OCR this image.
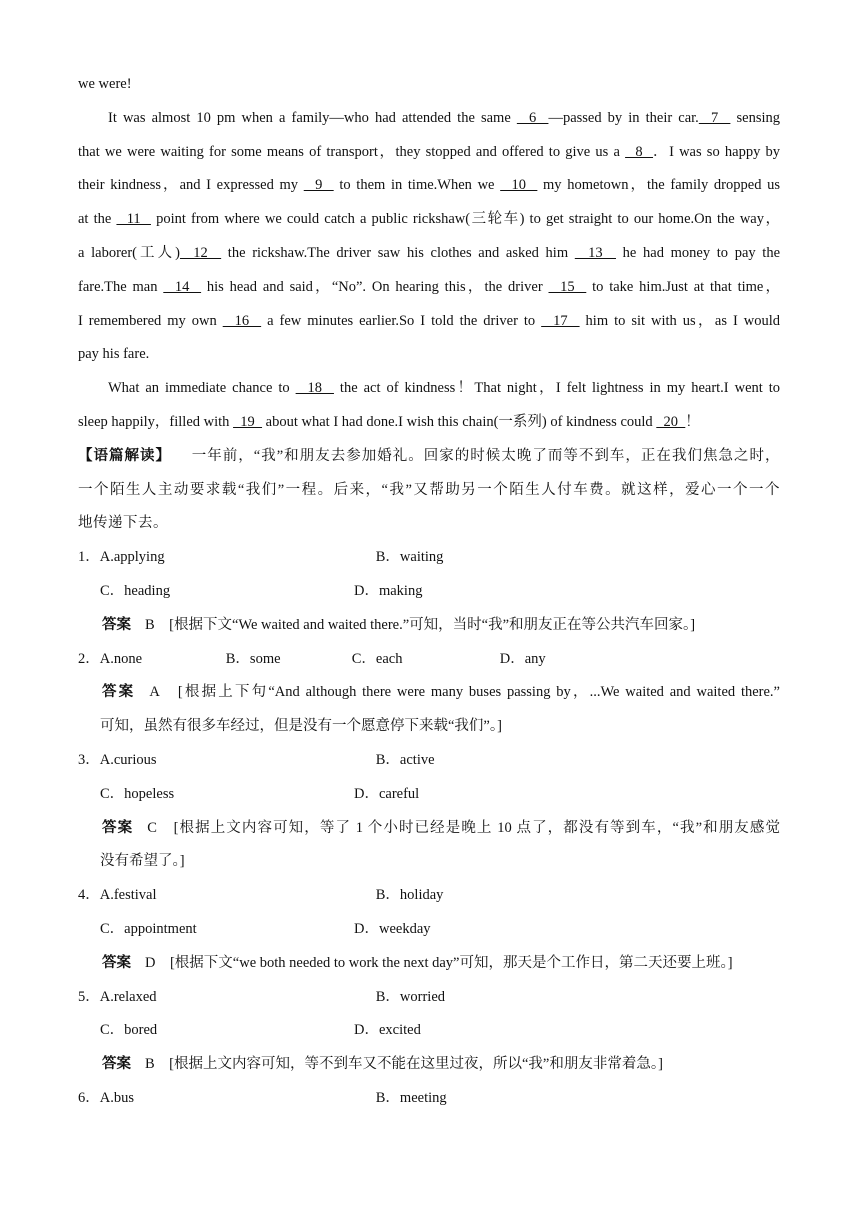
we were!
It was almost 10 pm when a family—who had attended the same   6  —passed by in their car.  7   sensing
that we were waiting for some means of transport，they stopped and offered to give us a   8  ．I was so happy by
their kindness，and I expressed my   9   to them in time.When we   10   my hometown，the family dropped us
at the   11   point from where we could catch a public rickshaw(三轮车) to get straight to our home.On the way，
a laborer(工人)  12   the rickshaw.The driver saw his clothes and asked him   13   he had money to pay the
fare.The man   14   his head and said，“No”. On hearing this，the driver   15   to take him.Just at that time，
I remembered my own   16   a few minutes earlier.So I told the driver to   17   him to sit with us，as I would
pay his fare.
What an immediate chance to   18   the act of kindness！That night，I felt lightness in my heart.I went to
sleep happily，filled with   19   about what I had done.I wish this chain(一系列) of kindness could   20  ！
【语篇解读】 一年前，“我”和朋友去参加婚礼。回家的时候太晚了而等不到车，正在我们焦急之时，
一个陌生人主动要求载“我们”一程。后来，“我”又帮助另一个陌生人付车费。就这样，爱心一个一个
地传递下去。
1．A.applying	B．waiting
C．heading	D．making
答案 B　[根据下文“We waited and waited there.”可知，当时“我”和朋友正在等公共汽车回家。]
2．A.none	B．some	C．each	D．any
答案 A　[根据上下句“And although there were many buses passing by，...We waited and waited there.”
可知，虽然有很多车经过，但是没有一个愿意停下来载“我们”。]
3．A.curious	B．active
C．hopeless	D．careful
答案 C　[根据上文内容可知，等了 1 个小时已经是晚上 10 点了，都没有等到车，“我”和朋友感觉
没有希望了。]
4．A.festival	B．holiday
C．appointment	D．weekday
答案 D　[根据下文“we both needed to work the next day”可知，那天是个工作日，第二天还要上班。]
5．A.relaxed	B．worried
C．bored	D．excited
答案 B　[根据上文内容可知，等不到车又不能在这里过夜，所以“我”和朋友非常着急。]
6．A.bus	B．meeting
